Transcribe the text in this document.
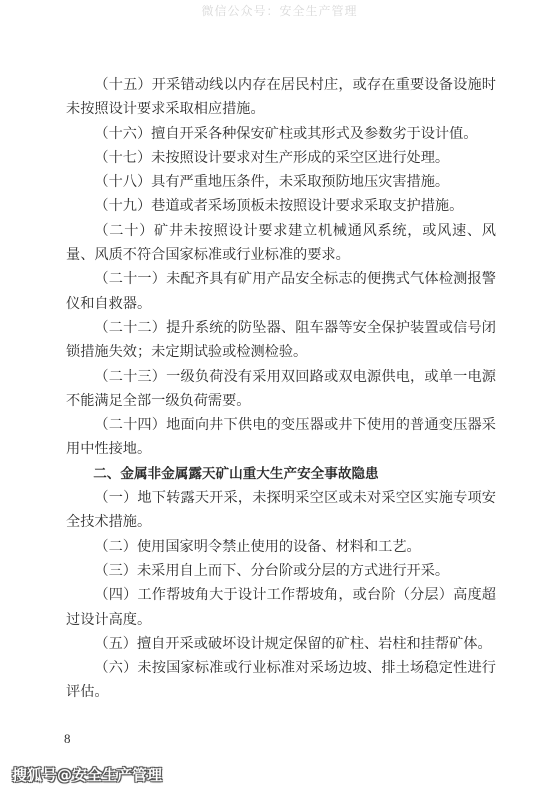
微信公众号：安全生产管理

（十五）开采错动线以内存在居民村庄，或存在重要设备设施时未按照设计要求采取相应措施。

（十六）擅自开采各种保安矿柱或其形式及参数劣于设计值。

（十七）未按照设计要求对生产形成的采空区进行处理。

（十八）具有严重地压条件，未采取预防地压灾害措施。

（十九）巷道或者采场顶板未按照设计要求采取支护措施。

（二十）矿井未按照设计要求建立机械通风系统，或风速、风量、风质不符合国家标准或行业标准的要求。

（二十一）未配齐具有矿用产品安全标志的便携式气体检测报警仪和自救器。

（二十二）提升系统的防坠器、阻车器等安全保护装置或信号闭锁措施失效；未定期试验或检测检验。

（二十三）一级负荷没有采用双回路或双电源供电，或单一电源不能满足全部一级负荷需要。

（二十四）地面向井下供电的变压器或井下使用的普通变压器采用中性接地。

二、金属非金属露天矿山重大生产安全事故隐患

（一）地下转露天开采，未探明采空区或未对采空区实施专项安全技术措施。

（二）使用国家明令禁止使用的设备、材料和工艺。

（三）未采用自上而下、分台阶或分层的方式进行开采。

（四）工作帮坡角大于设计工作帮坡角，或台阶（分层）高度超过设计高度。

（五）擅自开采或破坏设计规定保留的矿柱、岩柱和挂帮矿体。

（六）未按国家标准或行业标准对采场边坡、排土场稳定性进行评估。

8
搜狐号@安全生产管理
